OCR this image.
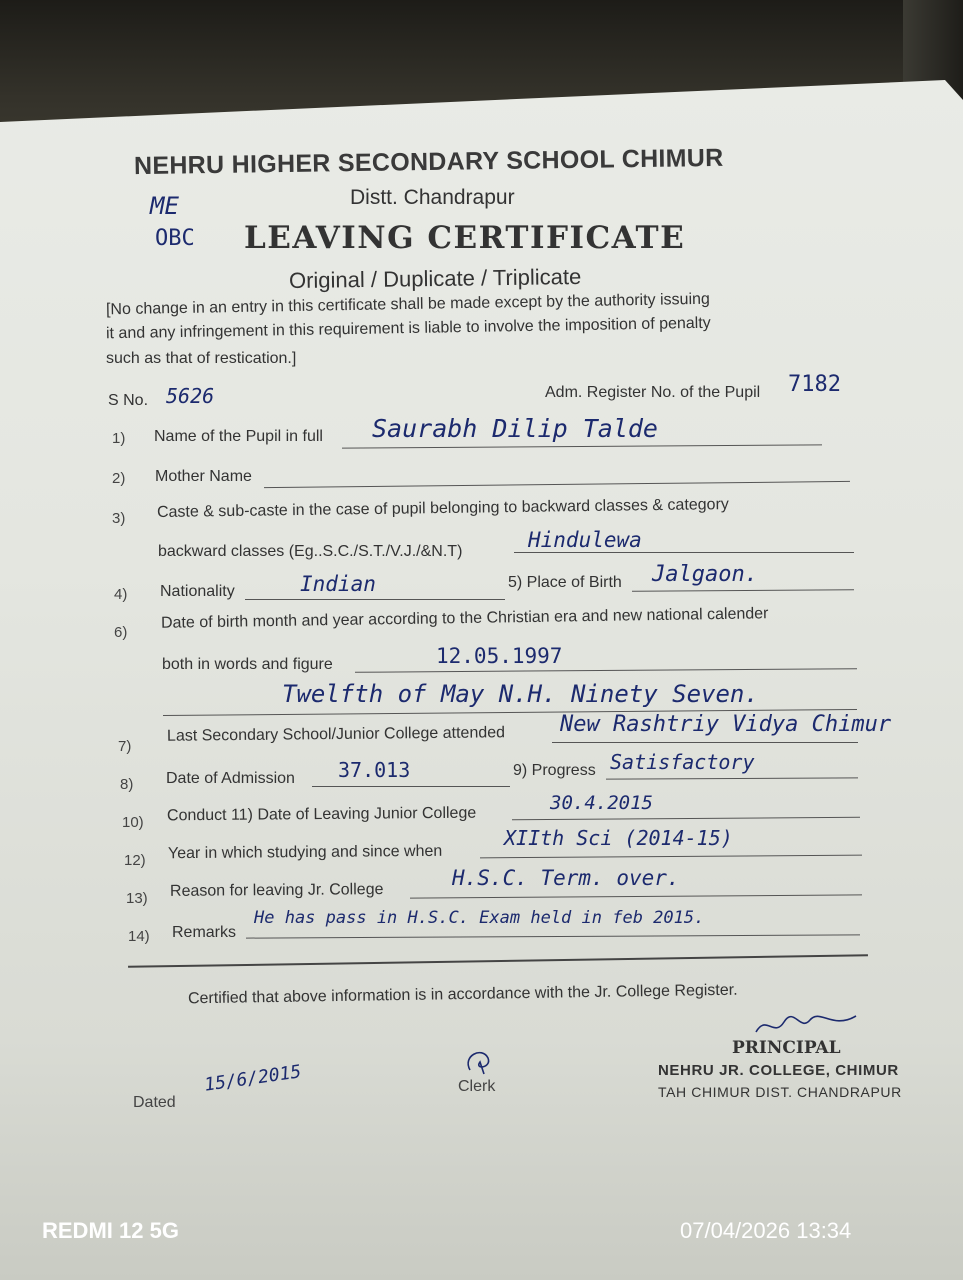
NEHRU HIGHER SECONDARY SCHOOL CHIMUR
ME	Distt. Chandrapur
OBC LEAVING CERTIFICATE
Original / Duplicate / Triplicate
[No change in an entry in this certificate shall be made except by the authority issuing
it and any infringement in this requirement is liable to involve the imposition of penalty
such as that of restication.]
S No. 5626	Adm. Register No. of the Pupil 7182
1) Name of the Pupil in full Saurabh Dilip Talde
2) Mother Name
3) Caste & sub-caste in the case of pupil belonging to backward classes & category
backward classes (Eg..S.C./S.T./V.J./&N.T)	Hindulewa
4) Nationality	Indian	5) Place of Birth Jalgaon.
6)
Date of birth month and year according to the Christian era and new national calender
both in words and figure	12.05.1997
Twelfth of May N.H. Ninety Seven.
7)
Last Secondary School/Junior College attended New Rashtriy Vidya Chimur
8) Date of Admission 37.013	9) Progress Satisfactory
10) Conduct 11) Date of Leaving Junior College
30.4.2015
12) Year in which studying and since when
XIIth Sci (2014-15)
13) Reason for leaving Jr. College
H.S.C. Term. over.
14) Remarks
He has pass in H.S.C. Exam held in feb 2015.
Certified that above information is in accordance with the Jr. College Register.
PRINCIPAL
NEHRU JR. COLLEGE, CHIMUR
TAH CHIMUR DIST. CHANDRAPUR
Clerk
Dated
15/6/2015
REDMI 12 5G	07/04/2026 13:34
